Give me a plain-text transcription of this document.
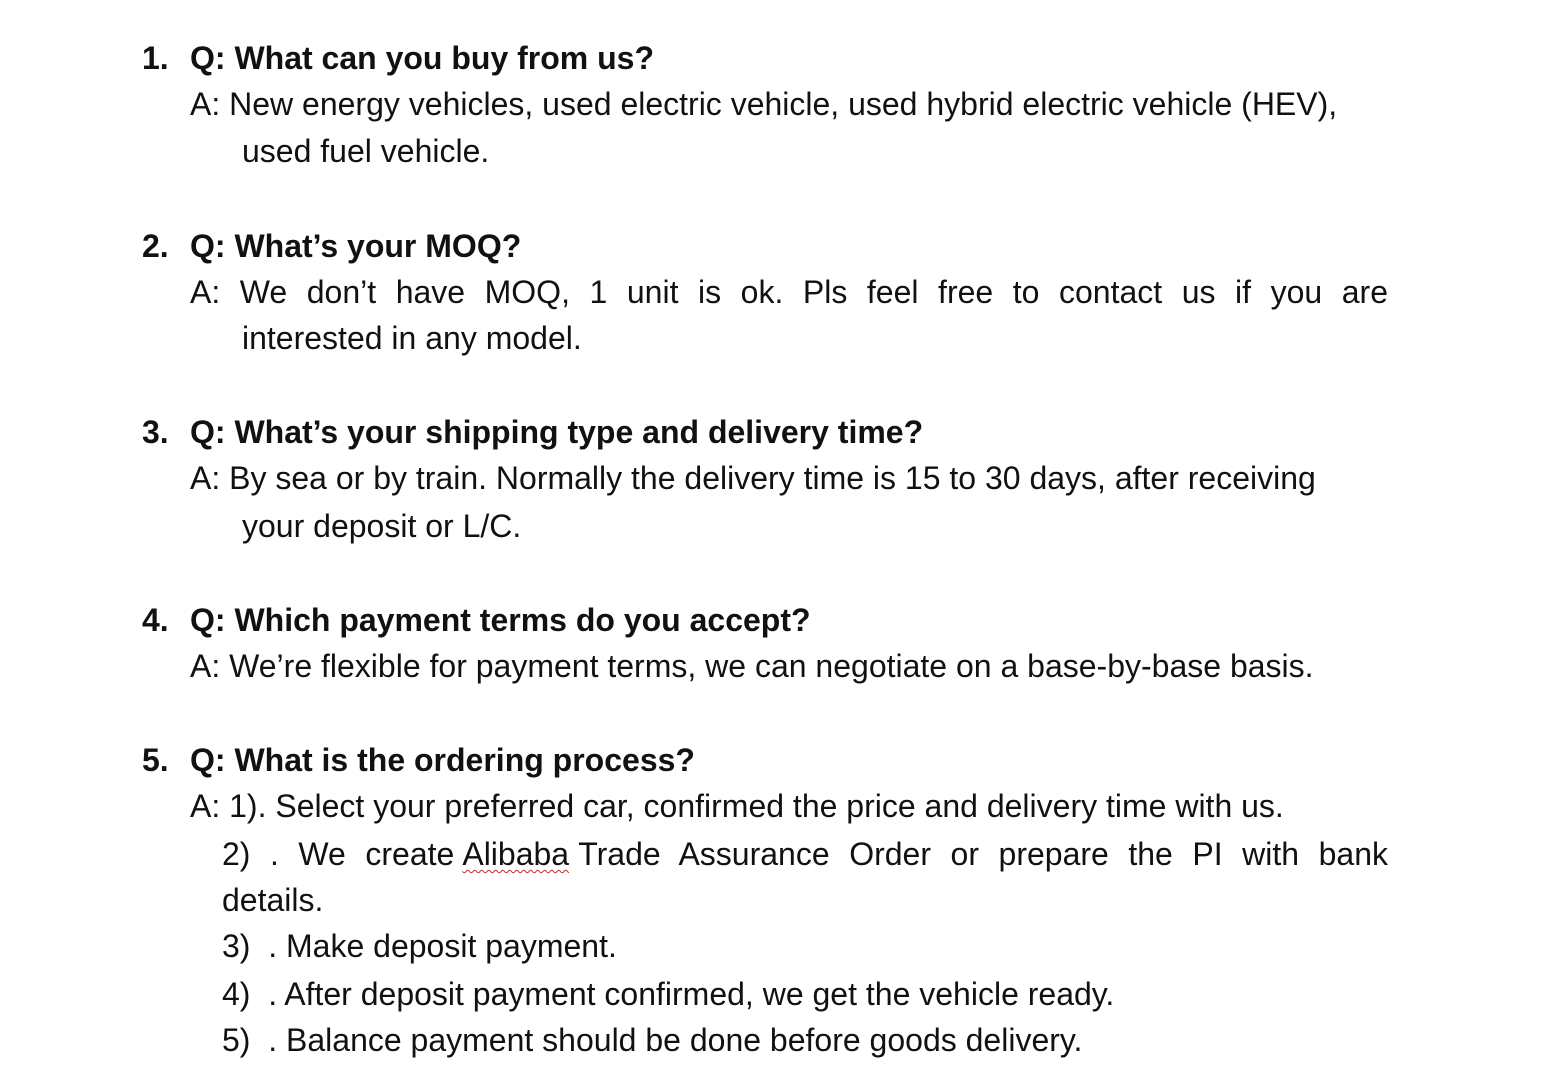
1. Q: What can you buy from us?
A: New energy vehicles, used electric vehicle, used hybrid electric vehicle (HEV),
used fuel vehicle.
2. Q: What’s your MOQ?
A: We don’t have MOQ, 1 unit is ok. Pls feel free to contact us if you are
interested in any model.
3. Q: What’s your shipping type and delivery time?
A: By sea or by train. Normally the delivery time is 15 to 30 days, after receiving
your deposit or L/C.
4. Q: Which payment terms do you accept?
A: We’re flexible for payment terms, we can negotiate on a base-by-base basis.
5. Q: What is the ordering process?
A: 1). Select your preferred car, confirmed the price and delivery time with us.
2)  .  We  create Alibaba Trade  Assurance  Order  or  prepare  the  PI  with  bank
details.
3)  . Make deposit payment.
4)  . After deposit payment confirmed, we get the vehicle ready.
5)  . Balance payment should be done before goods delivery.
